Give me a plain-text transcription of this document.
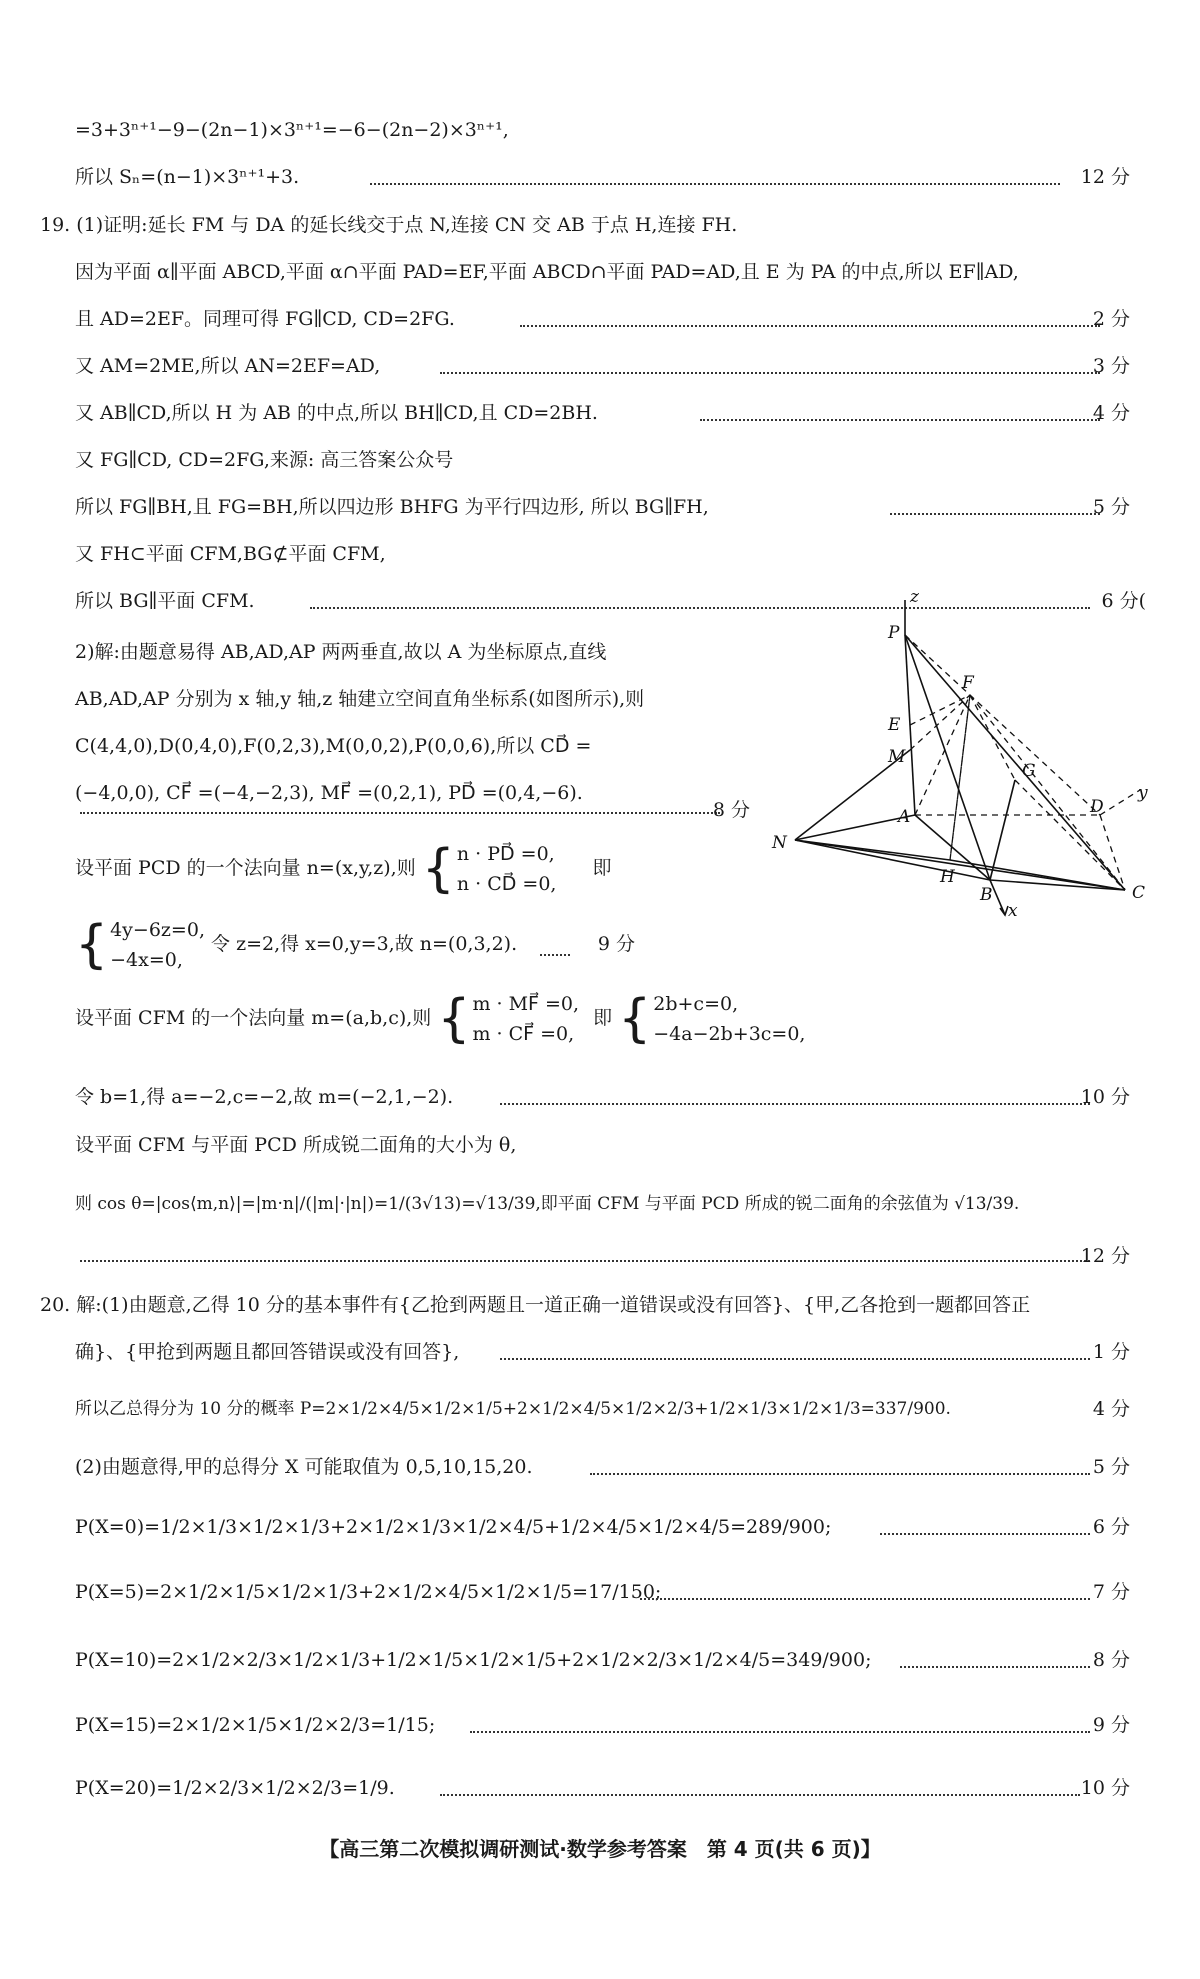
=3+3ⁿ⁺¹−9−(2n−1)×3ⁿ⁺¹=−6−(2n−2)×3ⁿ⁺¹,
所以 Sₙ=(n−1)×3ⁿ⁺¹+3.	12 分
19. (1)证明:延长 FM 与 DA 的延长线交于点 N,连接 CN 交 AB 于点 H,连接 FH.
因为平面 α∥平面 ABCD,平面 α∩平面 PAD=EF,平面 ABCD∩平面 PAD=AD,且 E 为 PA 的中点,所以 EF∥AD,
且 AD=2EF。同理可得 FG∥CD, CD=2FG.	2 分
又 AM=2ME,所以 AN=2EF=AD,	3 分
又 AB∥CD,所以 H 为 AB 的中点,所以 BH∥CD,且 CD=2BH.	4 分
又 FG∥CD, CD=2FG,来源: 高三答案公众号
所以 FG∥BH,且 FG=BH,所以四边形 BHFG 为平行四边形, 所以 BG∥FH,	5 分
又 FH⊂平面 CFM,BG⊄平面 CFM,
所以 BG∥平面 CFM.	6 分(
2)解:由题意易得 AB,AD,AP 两两垂直,故以 A 为坐标原点,直线
AB,AD,AP 分别为 x 轴,y 轴,z 轴建立空间直角坐标系(如图所示),则
C(4,4,0),D(0,4,0),F(0,2,3),M(0,0,2),P(0,0,6),所以 CD⃗ =
(−4,0,0), CF⃗ =(−4,−2,3), MF⃗ =(0,2,1), PD⃗ =(0,4,−6).
8 分
z
P
E
F
G
M
A	D
y
N
H
B	C
x
设平面 PCD 的一个法向量 n=(x,y,z),则 { n · PD⃗ =0,
n · CD⃗ =0,
即
{ 4y−6z=0,
−4x=0,
令 z=2,得 x=0,y=3,故 n=(0,3,2).	9 分
设平面 CFM 的一个法向量 m=(a,b,c),则 { m · MF⃗ =0,
m · CF⃗ =0,
即 { 2b+c=0,
−4a−2b+3c=0,
令 b=1,得 a=−2,c=−2,故 m=(−2,1,−2).	10 分
设平面 CFM 与平面 PCD 所成锐二面角的大小为 θ,
则 cos θ=|cos⟨m,n⟩|=|m·n|/(|m|·|n|)=1/(3√13)=√13/39,即平面 CFM 与平面 PCD 所成的锐二面角的余弦值为 √13/39.
12 分
20. 解:(1)由题意,乙得 10 分的基本事件有{乙抢到两题且一道正确一道错误或没有回答}、{甲,乙各抢到一题都回答正
确}、{甲抢到两题且都回答错误或没有回答},	1 分
所以乙总得分为 10 分的概率 P=2×1/2×4/5×1/2×1/5+2×1/2×4/5×1/2×2/3+1/2×1/3×1/2×1/3=337/900.	4 分
(2)由题意得,甲的总得分 X 可能取值为 0,5,10,15,20.	5 分
P(X=0)=1/2×1/3×1/2×1/3+2×1/2×1/3×1/2×4/5+1/2×4/5×1/2×4/5=289/900;	6 分
P(X=5)=2×1/2×1/5×1/2×1/3+2×1/2×4/5×1/2×1/5=17/150;	7 分
P(X=10)=2×1/2×2/3×1/2×1/3+1/2×1/5×1/2×1/5+2×1/2×2/3×1/2×4/5=349/900;	8 分
P(X=15)=2×1/2×1/5×1/2×2/3=1/15;	9 分
P(X=20)=1/2×2/3×1/2×2/3=1/9.	10 分
【高三第二次模拟调研测试·数学参考答案　第 4 页(共 6 页)】
